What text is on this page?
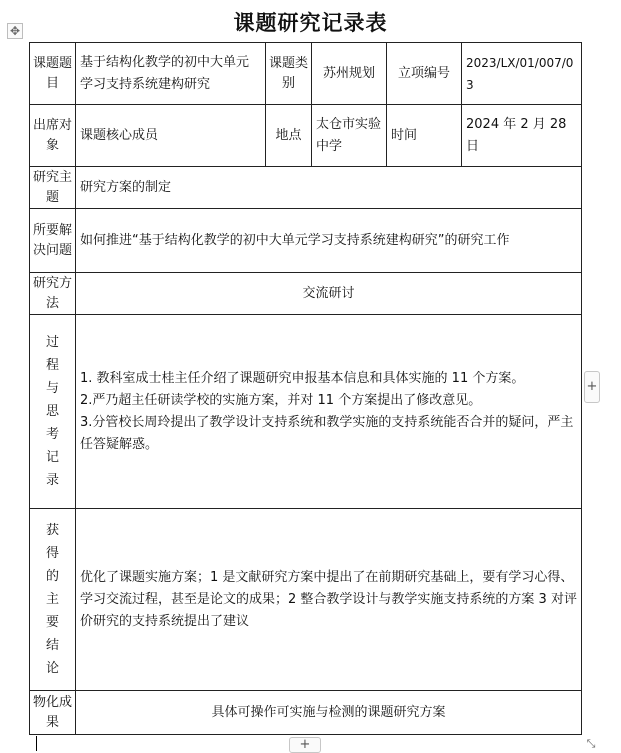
课题研究记录表
✥
课题题目	基于结构化教学的初中大单元学习支持系统建构研究	课题类别	苏州规划	立项编号	2023/LX/01/007/03
出席对象	课题核心成员	地点	太仓市实验中学	时间	2024 年 2 月 28 日
研究主题	研究方案的制定				
所要解决问题	如何推进“基于结构化教学的初中大单元学习支持系统建构研究”的研究工作				
研究方法	交流研讨				

过程与思考记录	1. 教科室成士桂主任介绍了课题研究申报基本信息和具体实施的 11 个方案。
2.严乃超主任研读学校的实施方案，并对 11 个方案提出了修改意见。
3.分管校长周玲提出了教学设计支持系统和教学实施的支持系统能否合并的疑问，严主任答疑解惑。				

获得的主要结论	优化了课题实施方案；1 是文献研究方案中提出了在前期研究基础上，要有学习心得、学习交流过程，甚至是论文的成果；2 整合教学设计与教学实施支持系统的方案 3 对评价研究的支持系统提出了建议				
物化成果	具体可操作可实施与检测的课题研究方案				
+
+	⤡
